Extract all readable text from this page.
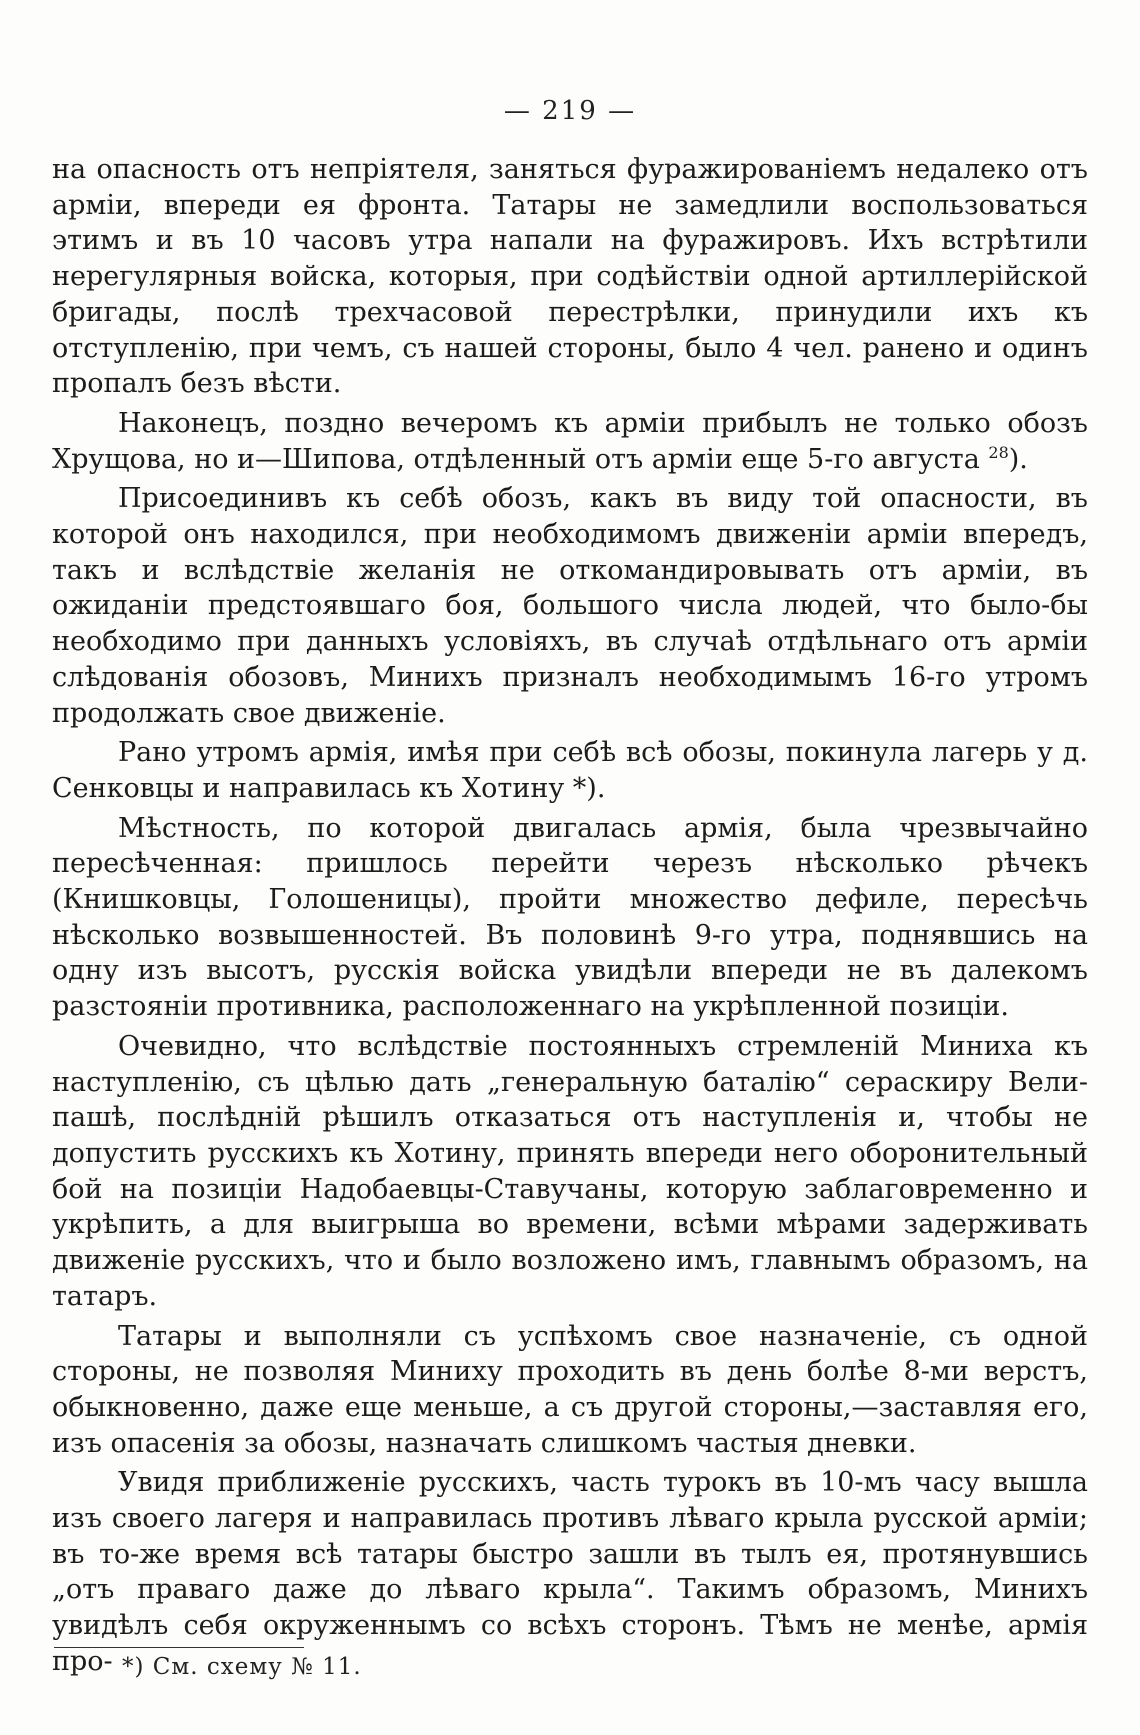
— 219 —

на опасность отъ непріятеля, заняться фуражированіемъ недалеко отъ арміи, впереди ея фронта. Татары не замедлили воспользоваться этимъ и въ 10 часовъ утра напали на фуражировъ. Ихъ встрѣтили нерегулярныя войска, которыя, при содѣйствіи одной артиллерійской бригады, послѣ трехчасовой перестрѣлки, принудили ихъ къ отступленію, при чемъ, съ нашей стороны, было 4 чел. ранено и одинъ пропалъ безъ вѣсти.

Наконецъ, поздно вечеромъ къ арміи прибылъ не только обозъ Хрущова, но и—Шипова, отдѣленный отъ арміи еще 5-го августа $^{28}$).

Присоединивъ къ себѣ обозъ, какъ въ виду той опасности, въ которой онъ находился, при необходимомъ движеніи арміи впередъ, такъ и вслѣдствіе желанія не откомандировывать отъ арміи, въ ожиданіи предстоявшаго боя, большого числа людей, что было-бы необходимо при данныхъ условіяхъ, въ случаѣ отдѣльнаго отъ арміи слѣдованія обозовъ, Минихъ призналъ необходимымъ 16-го утромъ продолжать свое движеніе.

Рано утромъ армія, имѣя при себѣ всѣ обозы, покинула лагерь у д. Сенковцы и направилась къ Хотину *).

Мѣстность, по которой двигалась армія, была чрезвычайно пересѣченная: пришлось перейти черезъ нѣсколько рѣчекъ (Книшковцы, Голошеницы), пройти множество дефиле, пересѣчь нѣсколько возвышенностей. Въ половинѣ 9-го утра, поднявшись на одну изъ высотъ, русскія войска увидѣли впереди не въ далекомъ разстояніи противника, расположеннаго на укрѣпленной позиціи.

Очевидно, что вслѣдствіе постоянныхъ стремленій Миниха къ наступленію, съ цѣлью дать „генеральную баталію“ сераскиру Вели-пашѣ, послѣдній рѣшилъ отказаться отъ наступленія и, чтобы не допустить русскихъ къ Хотину, принять впереди него оборонительный бой на позиціи Надобаевцы-Ставучаны, которую заблаговременно и укрѣпить, а для выигрыша во времени, всѣми мѣрами задерживать движеніе русскихъ, что и было возложено имъ, главнымъ образомъ, на татаръ.

Татары и выполняли съ успѣхомъ свое назначеніе, съ одной стороны, не позволяя Миниху проходить въ день болѣе 8-ми верстъ, обыкновенно, даже еще меньше, а съ другой стороны,—заставляя его, изъ опасенія за обозы, назначать слишкомъ частыя дневки.

Увидя приближеніе русскихъ, часть турокъ въ 10-мъ часу вышла изъ своего лагеря и направилась противъ лѣваго крыла русской арміи; въ то-же время всѣ татары быстро зашли въ тылъ ея, протянувшись „отъ праваго даже до лѣваго крыла“. Такимъ образомъ, Минихъ увидѣлъ себя окруженнымъ со всѣхъ сторонъ. Тѣмъ не менѣе, армія про- *) См. схему № 11.
